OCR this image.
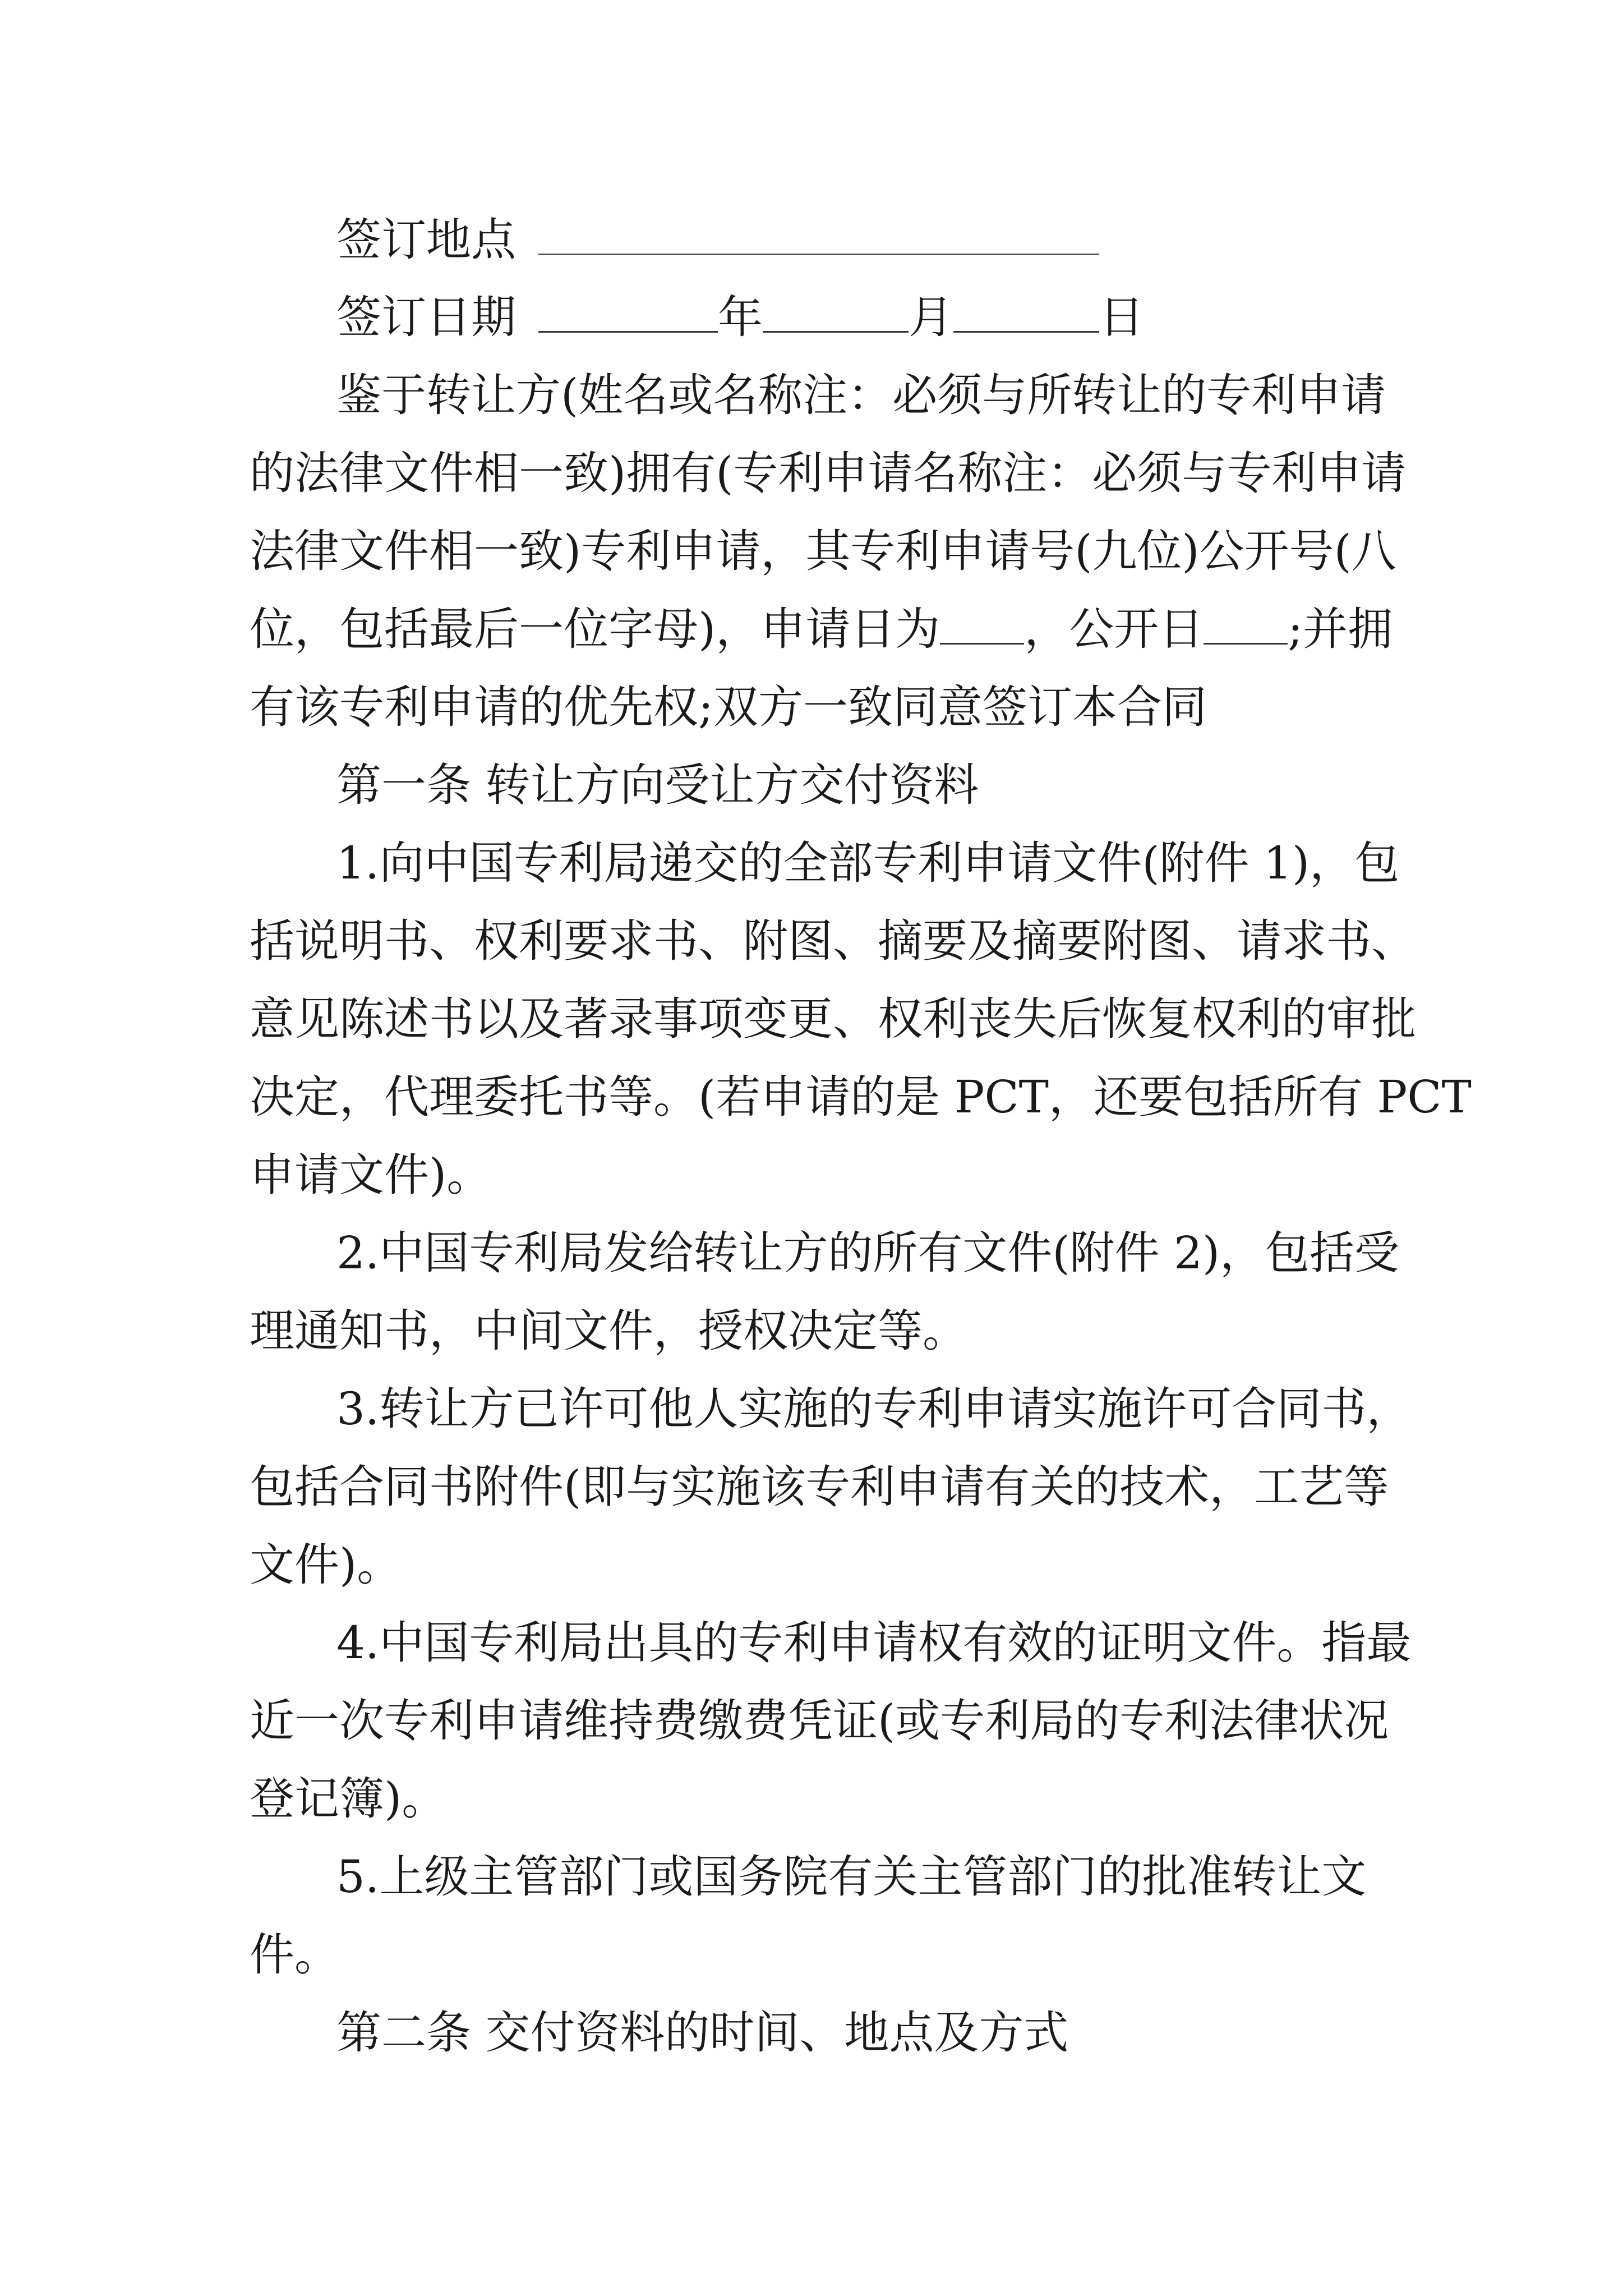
签订地点
签订日期	年	月	日
鉴于转让方(姓名或名称注：必须与所转让的专利申请
的法律文件相一致)拥有(专利申请名称注：必须与专利申请
法律文件相一致)专利申请，其专利申请号(九位)公开号(八
位，包括最后一位字母)，申请日为 ，公开日 ;并拥
有该专利申请的优先权;双方一致同意签订本合同
第一条 转让方向受让方交付资料
1.向中国专利局递交的全部专利申请文件(附件 1)，包
括说明书、权利要求书、附图、摘要及摘要附图、请求书、
意见陈述书以及著录事项变更、权利丧失后恢复权利的审批
决定，代理委托书等。(若申请的是 PCT，还要包括所有 PCT
申请文件)。
2.中国专利局发给转让方的所有文件(附件 2)，包括受
理通知书，中间文件，授权决定等。
3.转让方已许可他人实施的专利申请实施许可合同书，
包括合同书附件(即与实施该专利申请有关的技术，工艺等
文件)。
4.中国专利局出具的专利申请权有效的证明文件。指最
近一次专利申请维持费缴费凭证(或专利局的专利法律状况
登记簿)。
5.上级主管部门或国务院有关主管部门的批准转让文
件。
第二条 交付资料的时间、地点及方式
